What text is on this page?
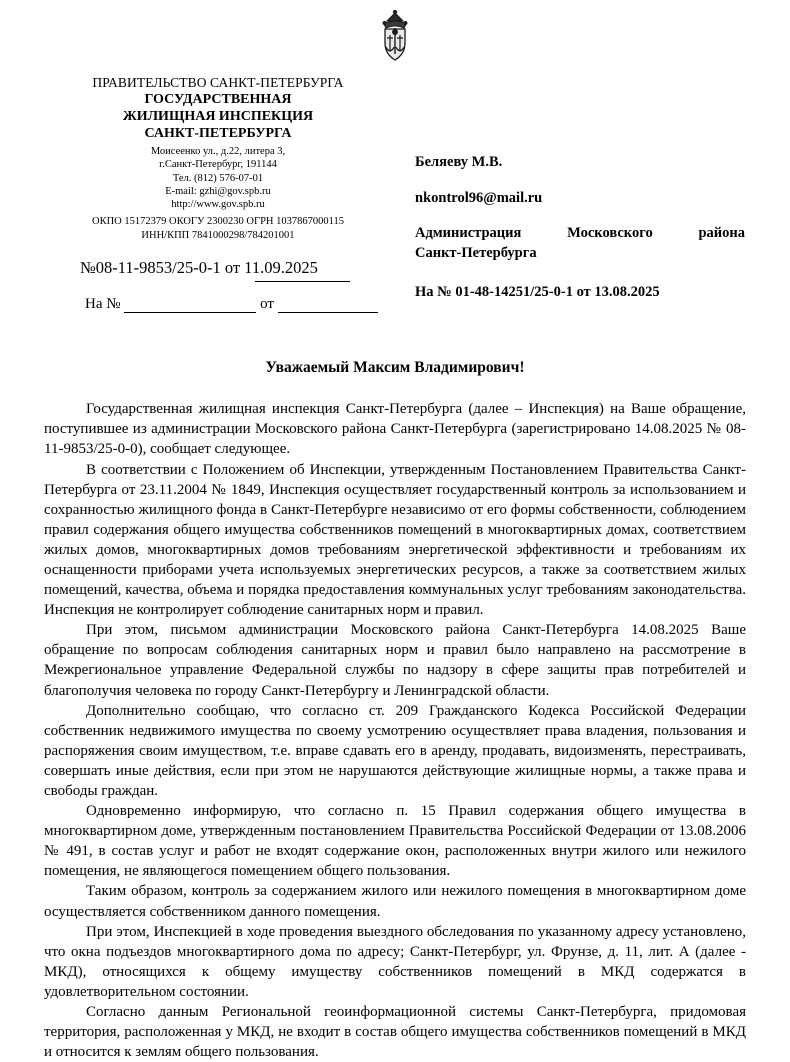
ПРАВИТЕЛЬСТВО САНКТ-ПЕТЕРБУРГА
ГОСУДАРСТВЕННАЯ
ЖИЛИЩНАЯ ИНСПЕКЦИЯ
САНКТ-ПЕТЕРБУРГА
Моисеенко ул., д.22, литера 3,
г.Санкт-Петербург, 191144
Тел. (812) 576-07-01
E-mail: gzhi@gov.spb.ru
http://www.gov.spb.ru
ОКПО 15172379 ОКОГУ 2300230 ОГРН 1037867000115
ИНН/КПП 7841000298/784201001
Беляеву М.В.
nkontrol96@mail.ru
Администрация Московского района
Санкт-Петербурга
На № 01-48-14251/25-0-1 от 13.08.2025
№08-11-9853/25-0-1 от 11.09.2025
На №	от
Уважаемый Максим Владимирович!

Государственная жилищная инспекция Санкт-Петербурга (далее – Инспекция) на Ваше обращение, поступившее из администрации Московского района Санкт-Петербурга (зарегистрировано 14.08.2025 № 08-11-9853/25-0-0), сообщает следующее.

В соответствии с Положением об Инспекции, утвержденным Постановлением Правительства Санкт-Петербурга от 23.11.2004 № 1849, Инспекция осуществляет государственный контроль за использованием и сохранностью жилищного фонда в Санкт-Петербурге независимо от его формы собственности, соблюдением правил содержания общего имущества собственников помещений в многоквартирных домах, соответствием жилых домов, многоквартирных домов требованиям энергетической эффективности и требованиям их оснащенности приборами учета используемых энергетических ресурсов, а также за соответствием жилых помещений, качества, объема и порядка предоставления коммунальных услуг требованиям законодательства. Инспекция не контролирует соблюдение санитарных норм и правил.

При этом, письмом администрации Московского района Санкт-Петербурга 14.08.2025 Ваше обращение по вопросам соблюдения санитарных норм и правил было направлено на рассмотрение в Межрегиональное управление Федеральной службы по надзору в сфере защиты прав потребителей и благополучия человека по городу Санкт-Петербургу и Ленинградской области.

Дополнительно сообщаю, что согласно ст. 209 Гражданского Кодекса Российской Федерации собственник недвижимого имущества по своему усмотрению осуществляет права владения, пользования и распоряжения своим имуществом, т.е. вправе сдавать его в аренду, продавать, видоизменять, перестраивать, совершать иные действия, если при этом не нарушаются действующие жилищные нормы, а также права и свободы граждан.

Одновременно информирую, что согласно п. 15 Правил содержания общего имущества в многоквартирном доме, утвержденным постановлением Правительства Российской Федерации от 13.08.2006 № 491, в состав услуг и работ не входят содержание окон, расположенных внутри жилого или нежилого помещения, не являющегося помещением общего пользования.

Таким образом, контроль за содержанием жилого или нежилого помещения в многоквартирном доме осуществляется собственником данного помещения.

При этом, Инспекцией в ходе проведения выездного обследования по указанному адресу установлено, что окна подъездов многоквартирного дома по адресу; Санкт-Петербург, ул. Фрунзе, д. 11, лит. А (далее - МКД), относящихся к общему имуществу собственников помещений в МКД содержатся в удовлетворительном состоянии.

Согласно данным Региональной геоинформационной системы Санкт-Петербурга, придомовая территория, расположенная у МКД, не входит в состав общего имущества собственников помещений в МКД и относится к землям общего пользования.
